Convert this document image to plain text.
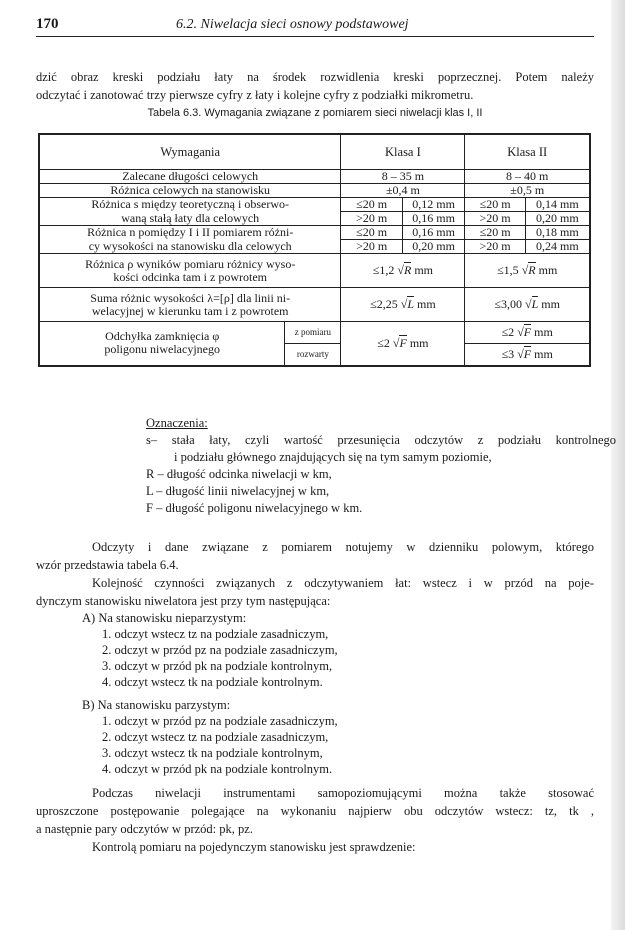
170	6.2. Niwelacja sieci osnowy podstawowej

dzić obraz kreski podziału łaty na środek rozwidlenia kreski poprzecznej. Potem należy

odczytać i zanotować trzy pierwsze cyfry z łaty i kolejne cyfry z podziałki mikrometru.

Tabela 6.3. Wymagania związane z pomiarem sieci niwelacji klas I, II
Wymagania		Klasa I		Klasa II	
Zalecane długości celowych		8 – 35 m		8 – 40 m	
Różnica celowych na stanowisku		±0,4 m		±0,5 m	
Różnica s między teoretyczną i obserwo-		≤20 m	0,12 mm	≤20 m	0,14 mm
waną stałą łaty dla celowych		>20 m	0,16 mm	>20 m	0,20 mm
Różnica n pomiędzy I i II pomiarem różni-		≤20 m	0,16 mm	≤20 m	0,18 mm
cy wysokości na stanowisku dla celowych		>20 m	0,20 mm	>20 m	0,24 mm
Różnica ρ wyników pomiaru różnicy wyso-
kości odcinka tam i z powrotem		≤1,2 √R mm		≤1,5 √R mm	
Suma różnic wysokości λ=[ρ] dla linii ni-
welacyjnej w kierunku tam i z powrotem		≤2,25 √L mm		≤3,00 √L mm	
Odchyłka zamknięcia φ
poligonu niwelacyjnego	z pomiaru	≤2 √F mm		≤2 √F mm	
	rozwarty			≤3 √F mm	

Oznaczenia:

s– stała łaty, czyli wartość przesunięcia odczytów z podziału kontrolnego

i podziału głównego znajdujących się na tym samym poziomie,

R – długość odcinka niwelacji w km,

L – długość linii niwelacyjnej w km,

F – długość poligonu niwelacyjnego w km.

Odczyty i dane związane z pomiarem notujemy w dzienniku polowym, którego

wzór przedstawia tabela 6.4.

Kolejność czynności związanych z odczytywaniem łat: wstecz i w przód na poje-

dynczym stanowisku niwelatora jest przy tym następująca:

A) Na stanowisku nieparzystym:

1. odczyt wstecz tz na podziale zasadniczym,

2. odczyt w przód pz na podziale zasadniczym,

3. odczyt w przód pk na podziale kontrolnym,

4. odczyt wstecz tk na podziale kontrolnym.

B) Na stanowisku parzystym:

1. odczyt w przód pz na podziale zasadniczym,

2. odczyt wstecz tz na podziale zasadniczym,

3. odczyt wstecz tk na podziale kontrolnym,

4. odczyt w przód pk na podziale kontrolnym.

Podczas niwelacji instrumentami samopoziomującymi można także stosować

uproszczone postępowanie polegające na wykonaniu najpierw obu odczytów wstecz: tz, tk ,

a następnie pary odczytów w przód: pk, pz.

Kontrolą pomiaru na pojedynczym stanowisku jest sprawdzenie:
